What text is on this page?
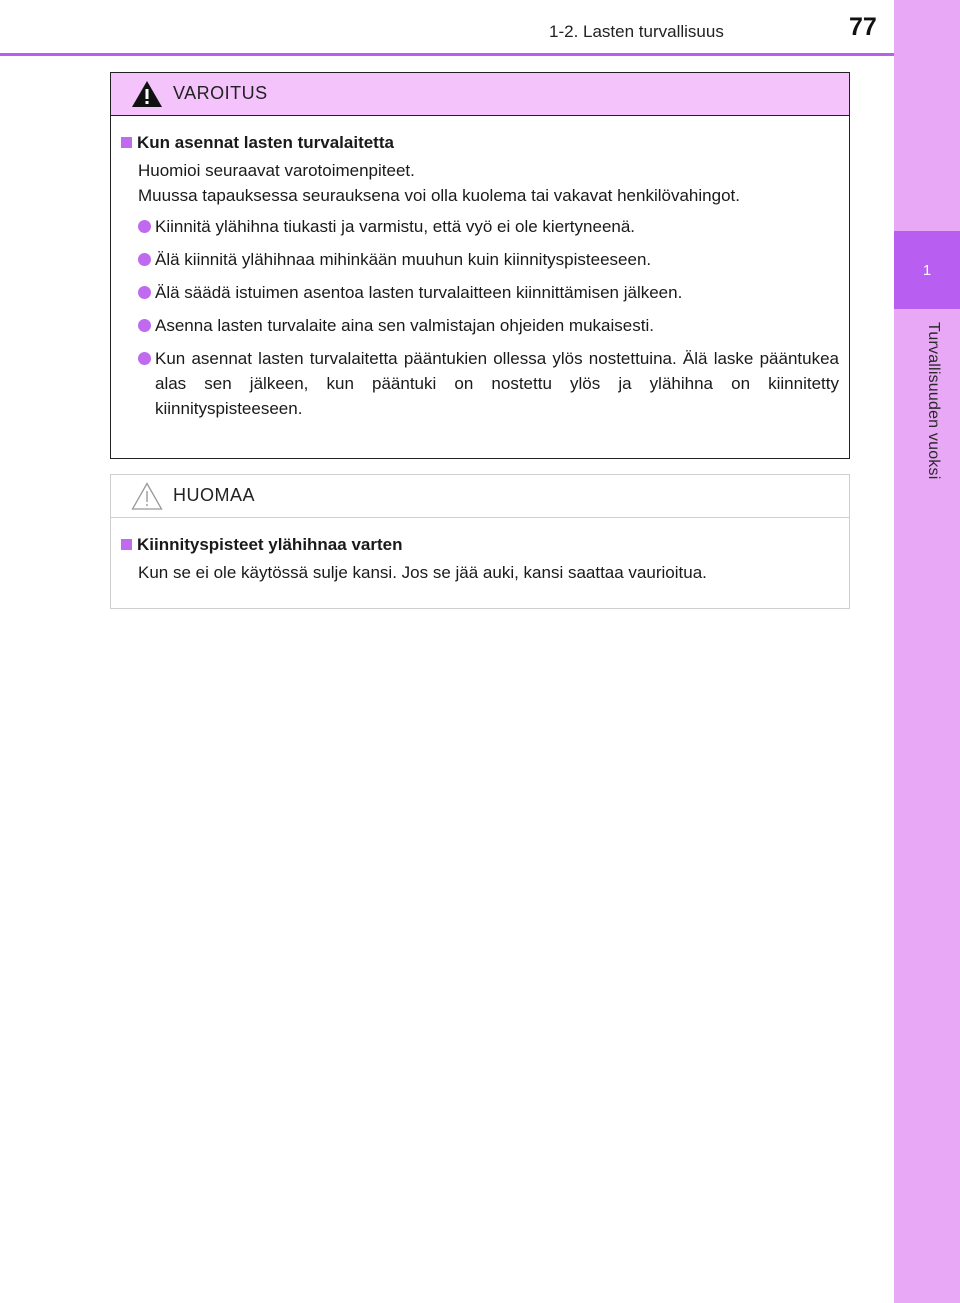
1-2. Lasten turvallisuus	77
1
Turvallisuuden vuoksi
VAROITUS
Kun asennat lasten turvalaitetta

Huomioi seuraavat varotoimenpiteet.

Muussa tapauksessa seurauksena voi olla kuolema tai vakavat henkilövahingot.

Kiinnitä ylähihna tiukasti ja varmistu, että vyö ei ole kiertyneenä.
Älä kiinnitä ylähihnaa mihinkään muuhun kuin kiinnityspisteeseen.
Älä säädä istuimen asentoa lasten turvalaitteen kiinnittämisen jälkeen.
Asenna lasten turvalaite aina sen valmistajan ohjeiden mukaisesti.
Kun asennat lasten turvalaitetta pääntukien ollessa ylös nostettuina. Älä laske pääntukea alas sen jälkeen, kun pääntuki on nostettu ylös ja ylähihna on kiinnitetty kiinnityspisteeseen.
HUOMAA
Kiinnityspisteet ylähihnaa varten
Kun se ei ole käytössä sulje kansi. Jos se jää auki, kansi saattaa vaurioitua.
